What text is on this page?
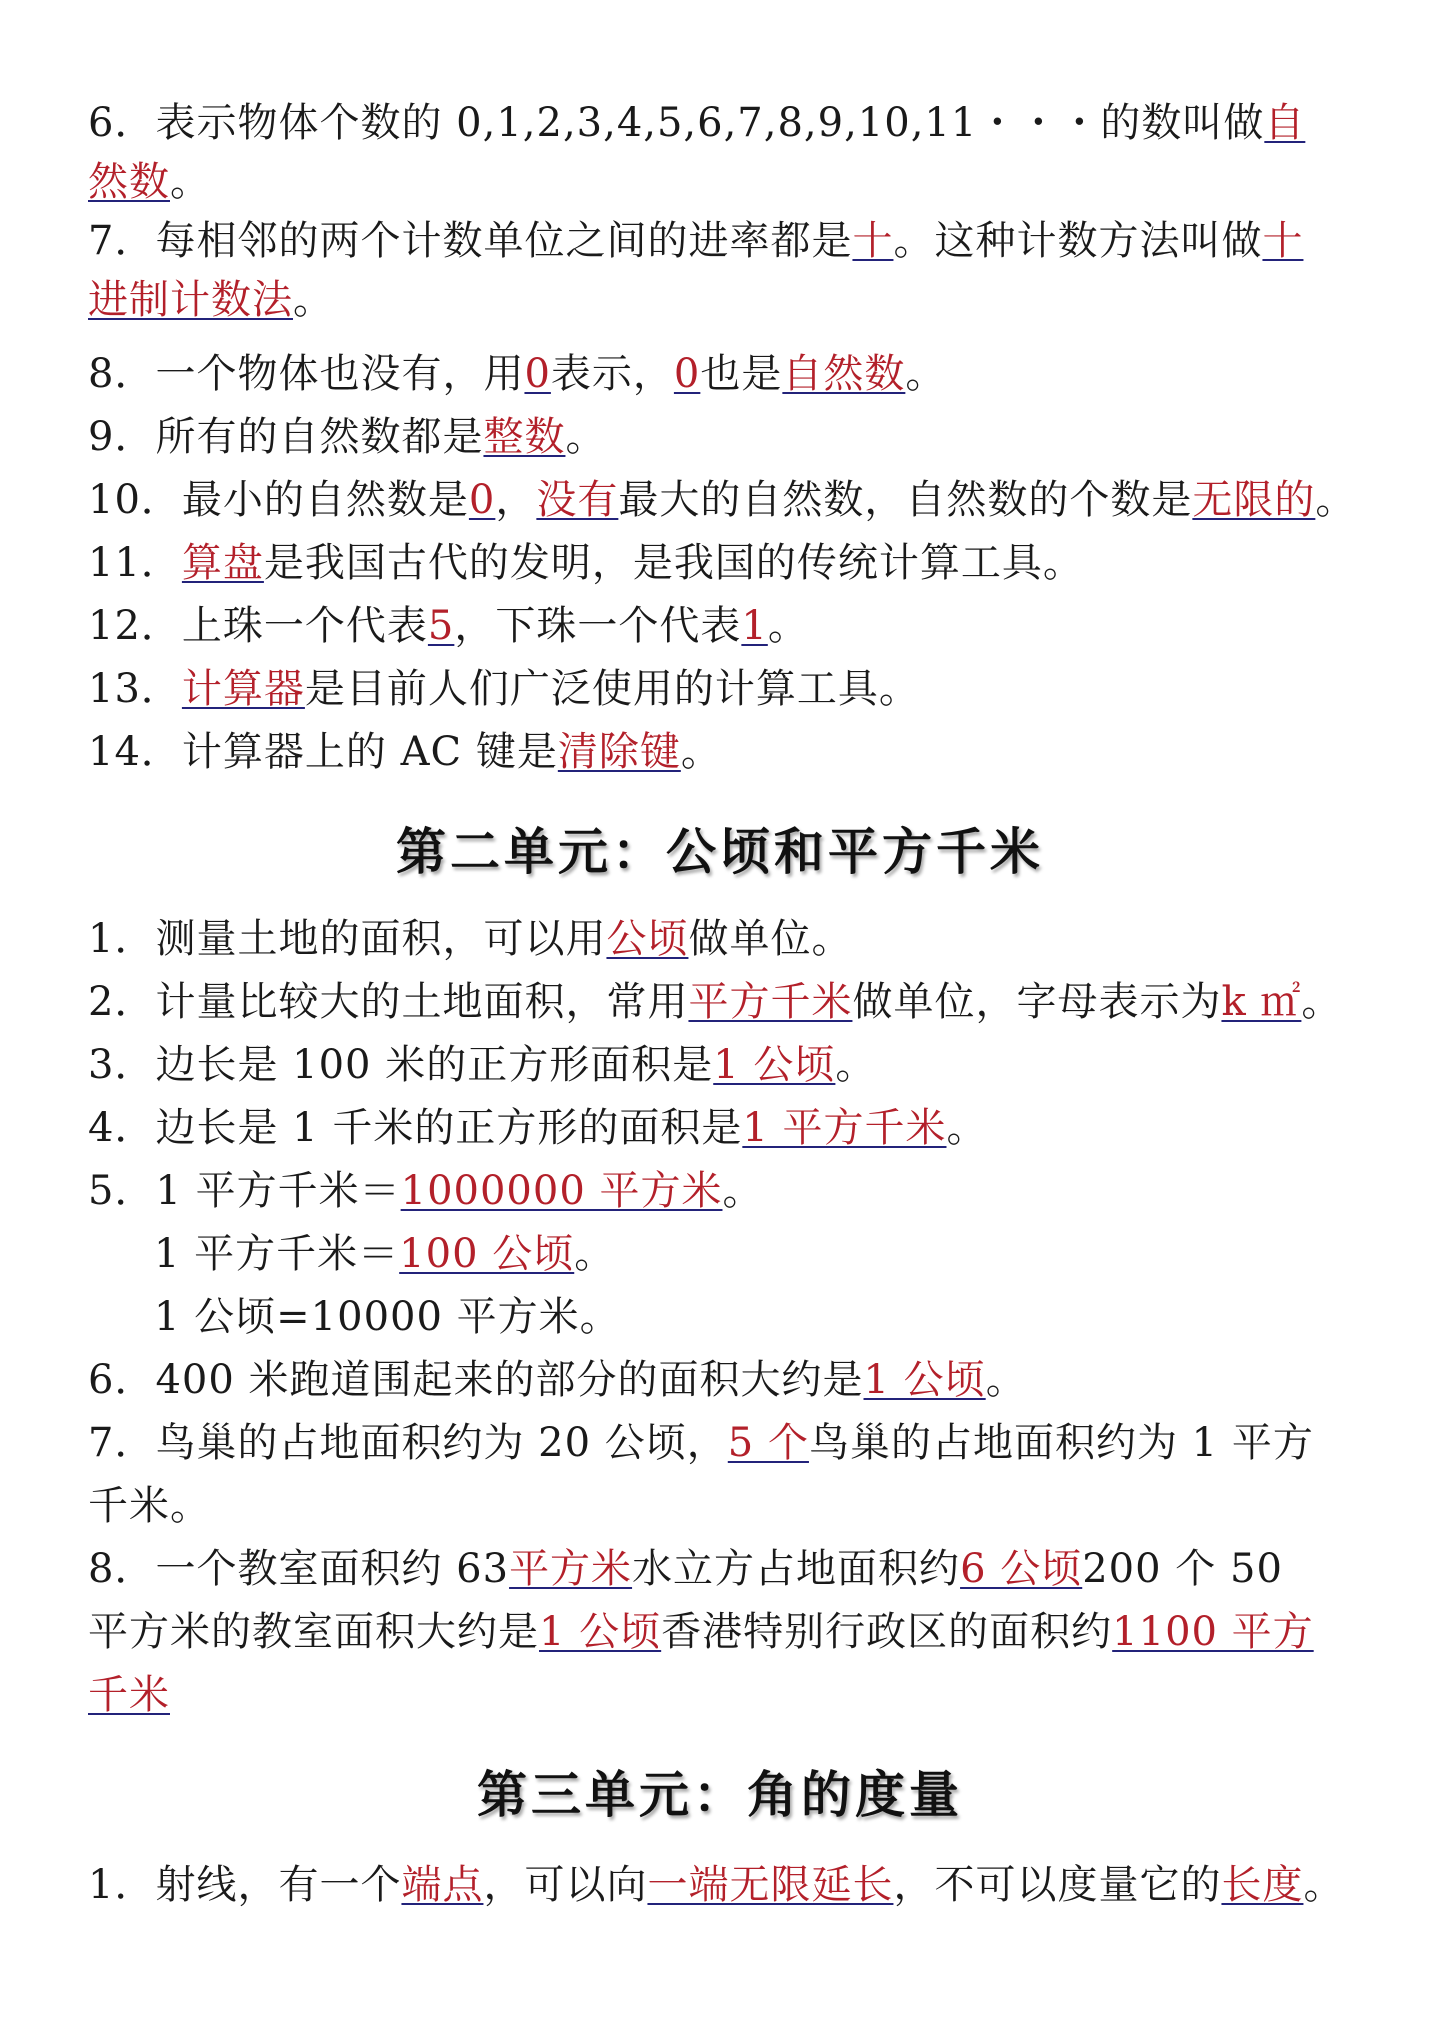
6．表示物体个数的 0,1,2,3,4,5,6,7,8,9,10,11・・・的数叫做自
然数。
7．每相邻的两个计数单位之间的进率都是十。这种计数方法叫做十
进制计数法。
8．一个物体也没有，用0表示，0也是自然数。
9．所有的自然数都是整数。
10．最小的自然数是0，没有最大的自然数，自然数的个数是无限的。
11．算盘是我国古代的发明，是我国的传统计算工具。
12．上珠一个代表5，下珠一个代表1。
13．计算器是目前人们广泛使用的计算工具。
14．计算器上的 AC 键是清除键。
第二单元：公顷和平方千米
1．测量土地的面积，可以用公顷做单位。
2．计量比较大的土地面积，常用平方千米做单位，字母表示为k ㎡。
3．边长是 100 米的正方形面积是1 公顷。
4．边长是 1 千米的正方形的面积是1 平方千米。
5．1 平方千米＝1000000 平方米。
1 平方千米＝100 公顷。
1 公顷=10000 平方米。
6．400 米跑道围起来的部分的面积大约是1 公顷。
7．鸟巢的占地面积约为 20 公顷，5 个鸟巢的占地面积约为 1 平方
千米。
8．一个教室面积约 63平方米水立方占地面积约6 公顷200 个 50
平方米的教室面积大约是1 公顷香港特别行政区的面积约1100 平方
千米
第三单元：角的度量
1．射线，有一个端点，可以向一端无限延长，不可以度量它的长度。
